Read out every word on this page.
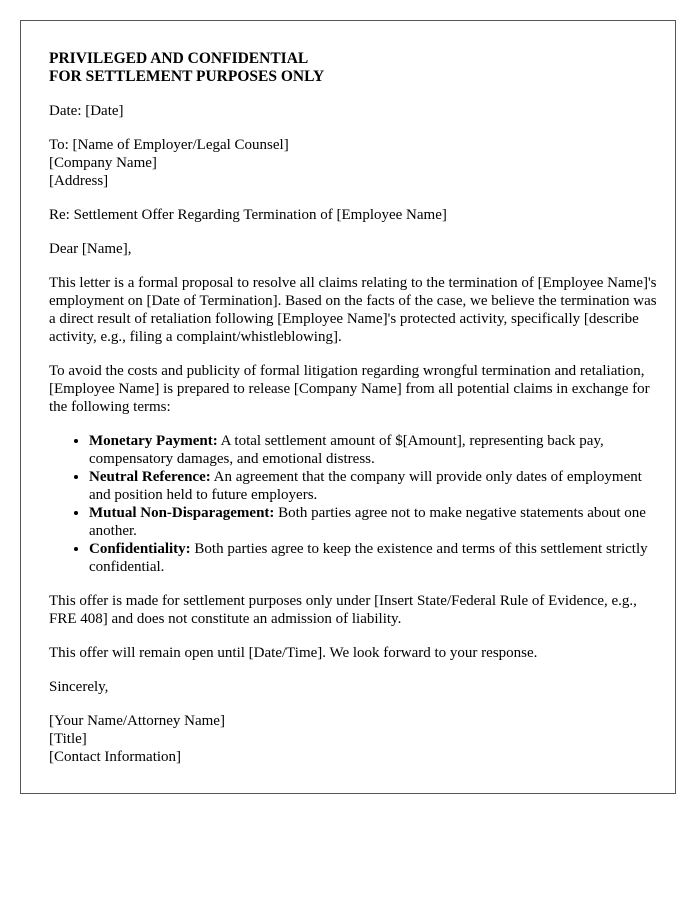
PRIVILEGED AND CONFIDENTIAL

FOR SETTLEMENT PURPOSES ONLY

Date: [Date]

To: [Name of Employer/Legal Counsel]

[Company Name]

[Address]

Re: Settlement Offer Regarding Termination of [Employee Name]

Dear [Name],

This letter is a formal proposal to resolve all claims relating to the termination of [Employee Name]'s employment on [Date of Termination]. Based on the facts of the case, we believe the termination was a direct result of retaliation following [Employee Name]'s protected activity, specifically [describe activity, e.g., filing a complaint/whistleblowing].

To avoid the costs and publicity of formal litigation regarding wrongful termination and retaliation, [Employee Name] is prepared to release [Company Name] from all potential claims in exchange for the following terms:

• Monetary Payment: A total settlement amount of $[Amount], representing back pay, compensatory damages, and emotional distress.
• Neutral Reference: An agreement that the company will provide only dates of employment and position held to future employers.
• Mutual Non-Disparagement: Both parties agree not to make negative statements about one another.
• Confidentiality: Both parties agree to keep the existence and terms of this settlement strictly confidential.

This offer is made for settlement purposes only under [Insert State/Federal Rule of Evidence, e.g., FRE 408] and does not constitute an admission of liability.

This offer will remain open until [Date/Time]. We look forward to your response.

Sincerely,

[Your Name/Attorney Name]

[Title]

[Contact Information]
